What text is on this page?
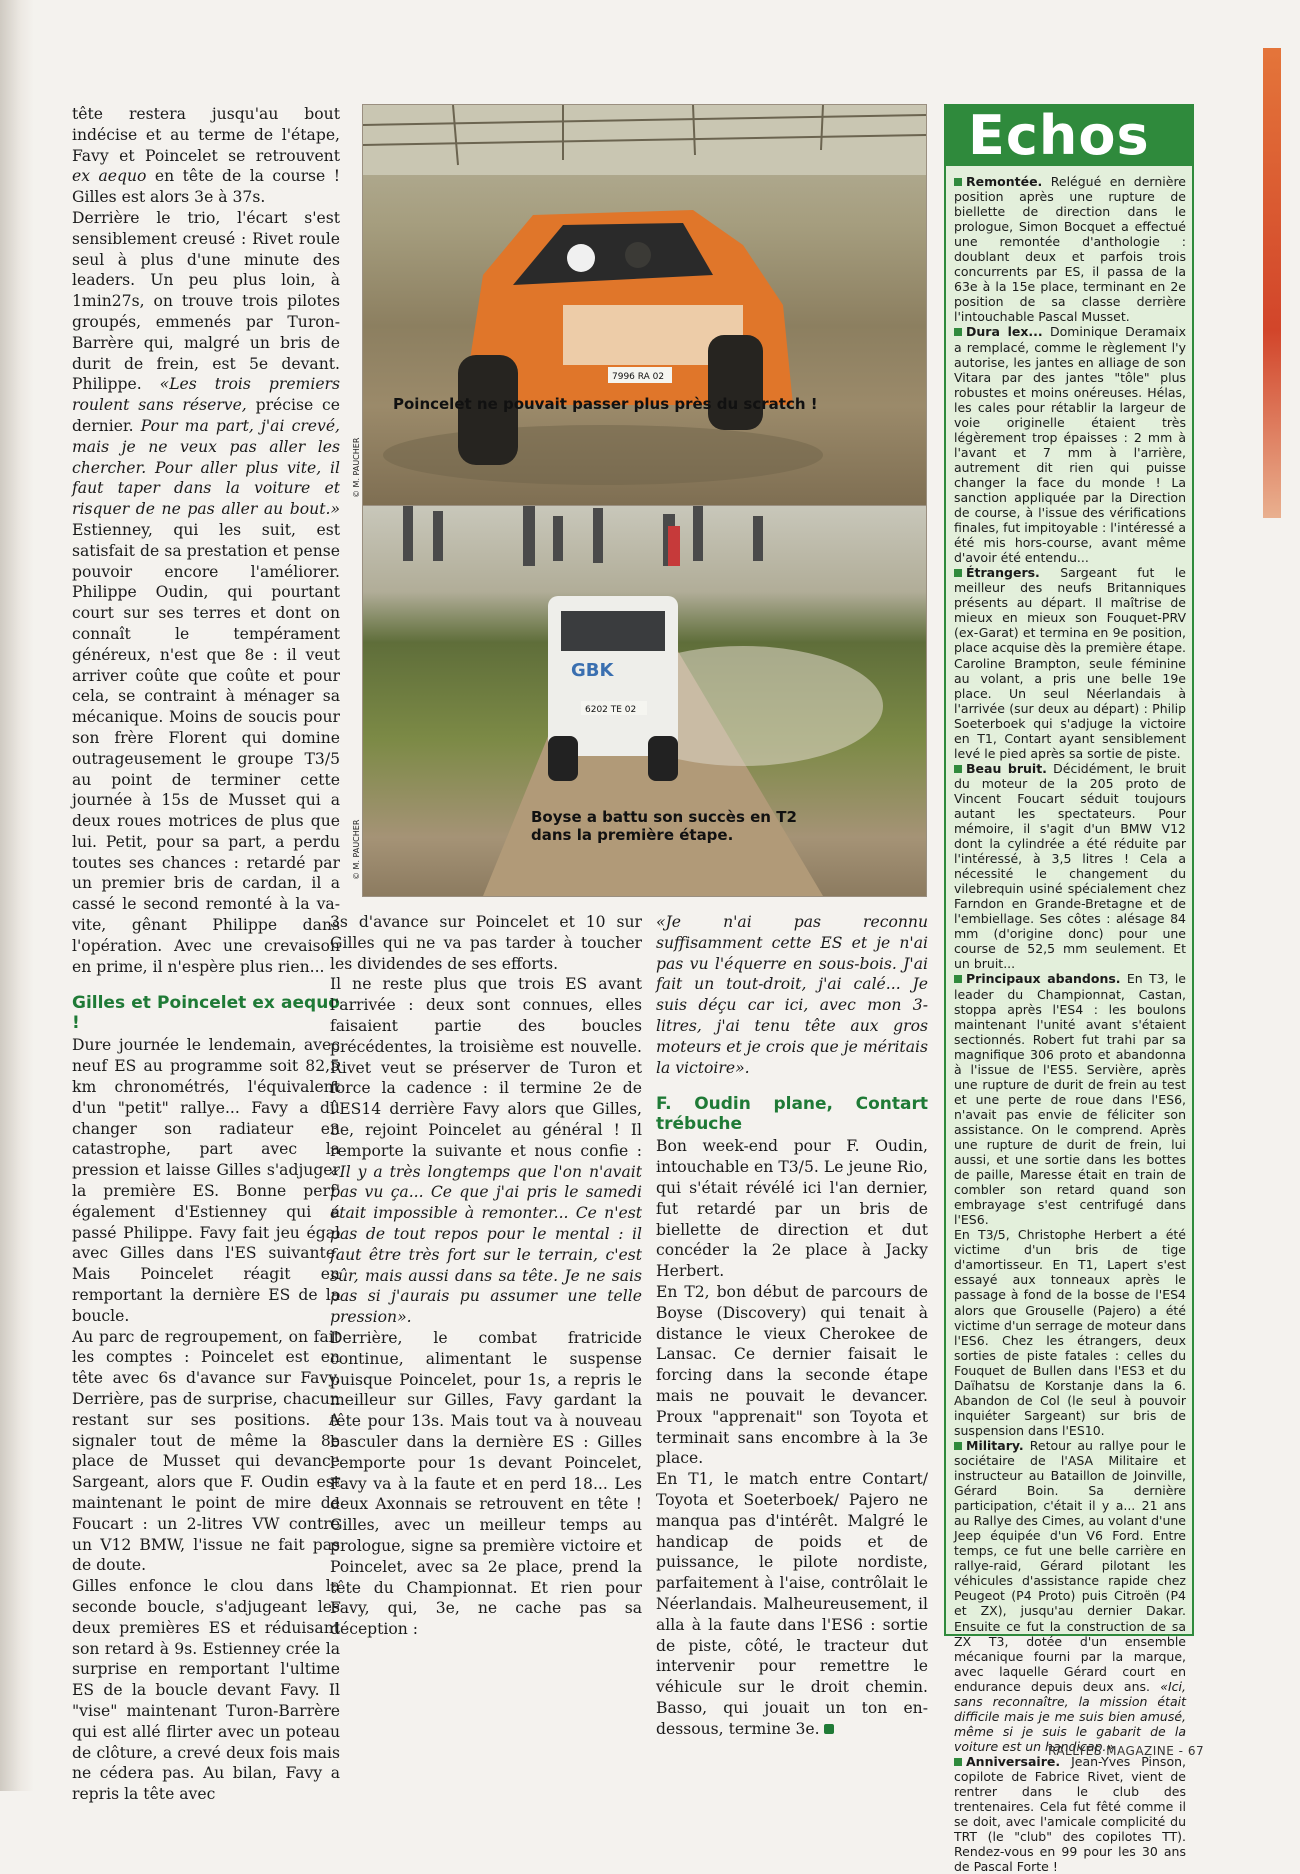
tête restera jusqu'au bout indécise et au terme de l'étape, Favy et Poincelet se retrouvent ex aequo en tête de la course ! Gilles est alors 3e à 37s.

Derrière le trio, l'écart s'est sensiblement creusé : Rivet roule seul à plus d'une minute des leaders. Un peu plus loin, à 1min27s, on trouve trois pilotes groupés, emmenés par Turon-Barrère qui, malgré un bris de durit de frein, est 5e devant. Philippe. «Les trois premiers roulent sans réserve, précise ce dernier. Pour ma part, j'ai crevé, mais je ne veux pas aller les chercher. Pour aller plus vite, il faut taper dans la voiture et risquer de ne pas aller au bout.» Estienney, qui les suit, est satisfait de sa prestation et pense pouvoir encore l'améliorer. Philippe Oudin, qui pourtant court sur ses terres et dont on connaît le tempérament généreux, n'est que 8e : il veut arriver coûte que coûte et pour cela, se contraint à ménager sa mécanique. Moins de soucis pour son frère Florent qui domine outrageusement le groupe T3/5 au point de terminer cette journée à 15s de Musset qui a deux roues motrices de plus que lui. Petit, pour sa part, a perdu toutes ses chances : retardé par un premier bris de cardan, il a cassé le second remonté à la va-vite, gênant Philippe dans l'opération. Avec une crevaison en prime, il n'espère plus rien...

Gilles et Poincelet ex aequo !

Dure journée le lendemain, avec neuf ES au programme soit 82,5 km chronométrés, l'équivalent d'un "petit" rallye... Favy a dû changer son radiateur en catastrophe, part avec la pression et laisse Gilles s'adjuger la première ES. Bonne perf' également d'Estienney qui a passé Philippe. Favy fait jeu égal avec Gilles dans l'ES suivante. Mais Poincelet réagit en remportant la dernière ES de la boucle.

Au parc de regroupement, on fait les comptes : Poincelet est en tête avec 6s d'avance sur Favy. Derrière, pas de surprise, chacun restant sur ses positions. A signaler tout de même la 8e place de Musset qui devance Sargeant, alors que F. Oudin est maintenant le point de mire de Foucart : un 2-litres VW contre un V12 BMW, l'issue ne fait pas de doute.

Gilles enfonce le clou dans la seconde boucle, s'adjugeant les deux premières ES et réduisant son retard à 9s. Estienney crée la surprise en remportant l'ultime ES de la boucle devant Favy. Il "vise" maintenant Turon-Barrère qui est allé flirter avec un poteau de clôture, a crevé deux fois mais ne cédera pas. Au bilan, Favy a repris la tête avec

7996 RA 02
Poincelet ne pouvait passer plus près du scratch !
© M. PAUCHER
GBK
6202 TE 02
Boyse a battu son succès en T2
dans la première étape.
© M. PAUCHER

3s d'avance sur Poincelet et 10 sur Gilles qui ne va pas tarder à toucher les dividendes de ses efforts.

Il ne reste plus que trois ES avant l'arrivée : deux sont connues, elles faisaient partie des boucles précédentes, la troisième est nouvelle. Rivet veut se préserver de Turon et force la cadence : il termine 2e de l'ES14 derrière Favy alors que Gilles, 3e, rejoint Poincelet au général ! Il remporte la suivante et nous confie : «Il y a très longtemps que l'on n'avait pas vu ça... Ce que j'ai pris le samedi était impossible à remonter... Ce n'est pas de tout repos pour le mental : il faut être très fort sur le terrain, c'est sûr, mais aussi dans sa tête. Je ne sais pas si j'aurais pu assumer une telle pression».

Derrière, le combat fratricide continue, alimentant le suspense puisque Poincelet, pour 1s, a repris le meilleur sur Gilles, Favy gardant la tête pour 13s. Mais tout va à nouveau basculer dans la dernière ES : Gilles l'emporte pour 1s devant Poincelet, Favy va à la faute et en perd 18... Les deux Axonnais se retrouvent en tête ! Gilles, avec un meilleur temps au prologue, signe sa première victoire et Poincelet, avec sa 2e place, prend la tête du Championnat. Et rien pour Favy, qui, 3e, ne cache pas sa déception :

«Je n'ai pas reconnu suffisamment cette ES et je n'ai pas vu l'équerre en sous-bois. J'ai fait un tout-droit, j'ai calé... Je suis déçu car ici, avec mon 3-litres, j'ai tenu tête aux gros moteurs et je crois que je méritais la victoire».

F. Oudin plane, Contart trébuche

Bon week-end pour F. Oudin, intouchable en T3/5. Le jeune Rio, qui s'était révélé ici l'an dernier, fut retardé par un bris de biellette de direction et dut concéder la 2e place à Jacky Herbert.

En T2, bon début de parcours de Boyse (Discovery) qui tenait à distance le vieux Cherokee de Lansac. Ce dernier faisait le forcing dans la seconde étape mais ne pouvait le devancer. Proux "apprenait" son Toyota et terminait sans encombre à la 3e place.

En T1, le match entre Contart/ Toyota et Soeterboek/ Pajero ne manqua pas d'intérêt. Malgré le handicap de poids et de puissance, le pilote nordiste, parfaitement à l'aise, contrôlait le Néerlandais. Malheureusement, il alla à la faute dans l'ES6 : sortie de piste, côté, le tracteur dut intervenir pour remettre le véhicule sur le droit chemin. Basso, qui jouait un ton en-dessous, termine 3e.

Echos

Remontée. Relégué en dernière position après une rupture de biellette de direction dans le prologue, Simon Bocquet a effectué une remontée d'anthologie : doublant deux et parfois trois concurrents par ES, il passa de la 63e à la 15e place, terminant en 2e position de sa classe derrière l'intouchable Pascal Musset.

Dura lex... Dominique Deramaix a remplacé, comme le règlement l'y autorise, les jantes en alliage de son Vitara par des jantes "tôle" plus robustes et moins onéreuses. Hélas, les cales pour rétablir la largeur de voie originelle étaient très légèrement trop épaisses : 2 mm à l'avant et 7 mm à l'arrière, autrement dit rien qui puisse changer la face du monde ! La sanction appliquée par la Direction de course, à l'issue des vérifications finales, fut impitoyable : l'intéressé a été mis hors-course, avant même d'avoir été entendu...

Étrangers. Sargeant fut le meilleur des neufs Britanniques présents au départ. Il maîtrise de mieux en mieux son Fouquet-PRV (ex-Garat) et termina en 9e position, place acquise dès la première étape. Caroline Brampton, seule féminine au volant, a pris une belle 19e place. Un seul Néerlandais à l'arrivée (sur deux au départ) : Philip Soeterboek qui s'adjuge la victoire en T1, Contart ayant sensiblement levé le pied après sa sortie de piste.

Beau bruit. Décidément, le bruit du moteur de la 205 proto de Vincent Foucart séduit toujours autant les spectateurs. Pour mémoire, il s'agit d'un BMW V12 dont la cylindrée a été réduite par l'intéressé, à 3,5 litres ! Cela a nécessité le changement du vilebrequin usiné spécialement chez Farndon en Grande-Bretagne et de l'embiellage. Ses côtes : alésage 84 mm (d'origine donc) pour une course de 52,5 mm seulement. Et un bruit...

Principaux abandons. En T3, le leader du Championnat, Castan, stoppa après l'ES4 : les boulons maintenant l'unité avant s'étaient sectionnés. Robert fut trahi par sa magnifique 306 proto et abandonna à l'issue de l'ES5. Servière, après une rupture de durit de frein au test et une perte de roue dans l'ES6, n'avait pas envie de féliciter son assistance. On le comprend. Après une rupture de durit de frein, lui aussi, et une sortie dans les bottes de paille, Maresse était en train de combler son retard quand son embrayage s'est centrifugé dans l'ES6.

En T3/5, Christophe Herbert a été victime d'un bris de tige d'amortisseur. En T1, Lapert s'est essayé aux tonneaux après le passage à fond de la bosse de l'ES4 alors que Grouselle (Pajero) a été victime d'un serrage de moteur dans l'ES6. Chez les étrangers, deux sorties de piste fatales : celles du Fouquet de Bullen dans l'ES3 et du Daïhatsu de Korstanje dans la 6. Abandon de Col (le seul à pouvoir inquiéter Sargeant) sur bris de suspension dans l'ES10.

Military. Retour au rallye pour le sociétaire de l'ASA Militaire et instructeur au Bataillon de Joinville, Gérard Boin. Sa dernière participation, c'était il y a... 21 ans au Rallye des Cimes, au volant d'une Jeep équipée d'un V6 Ford. Entre temps, ce fut une belle carrière en rallye-raid, Gérard pilotant les véhicules d'assistance rapide chez Peugeot (P4 Proto) puis Citroën (P4 et ZX), jusqu'au dernier Dakar. Ensuite ce fut la construction de sa ZX T3, dotée d'un ensemble mécanique fourni par la marque, avec laquelle Gérard court en endurance depuis deux ans. «Ici, sans reconnaître, la mission était difficile mais je me suis bien amusé, même si je suis le gabarit de la voiture est un handicap.»

Anniversaire. Jean-Yves Pinson, copilote de Fabrice Rivet, vient de rentrer dans le club des trentenaires. Cela fut fêté comme il se doit, avec l'amicale complicité du TRT (le "club" des copilotes TT). Rendez-vous en 99 pour les 30 ans de Pascal Forte !

RALLYES MAGAZINE - 67
